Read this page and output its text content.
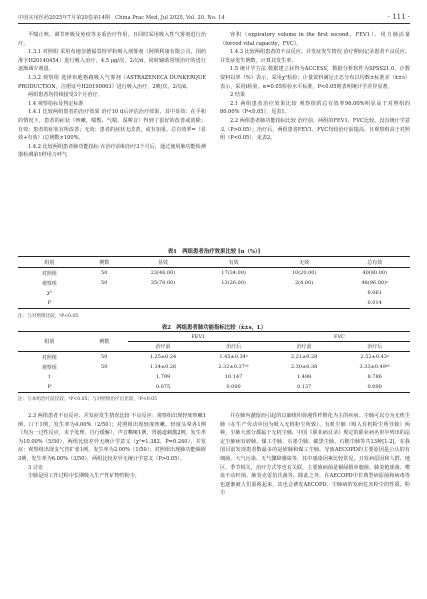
中国实用医药2025年7月第20卷第14期　China Prac Med, Jul 2025, Vol. 20, No. 14	· 111 ·

平喘止咳、调节呼吸及免疫等多重治疗作用，且同时采用吸入性气雾剂进行治疗。

1.3.1 对照组 采用布地奈德福莫特罗粉吸入剂雾剂（阿斯利康有限公司，国药准字H20140454）进行吸入治疗，4.5 μg/次，2次/d，同时辅助常规治疗的进行逐渐减少剂量。

1.3.2 观察组 选择布地格路吸入气雾剂（ASTRAZENECA DUNKERQUE PRODUCTION，注册证号H20190063）进行吸入治疗，2喷/次，2次/d。

两组患者均持续接受3个月治疗。

1.4 观察指标及判定标准

1.4.1 比较两组患者的治疗效果 治疗10 d后评估治疗效果，其中显效：在平和的情况下，患者的症状（咳嗽、喘憋、气喘、湿啰音）得到了很好的改善或消除；有效：患者的症状有所改善；无效：患者的症状无改善，或有加重。总有效率=（显效+有效）/总例数×100%。

1.4.2 比较两组患者肺功能指标 在治疗前和治疗3个月后，通过使用肺功能检测器检测第1秒用力呼气

容积（expiratory volume in the first second，FEV1）、用力肺活量（forced vital capacity，FVC）。

1.4.3 比较两组患者的不良反应、并发症发生情况 治疗期间记录患者不良反应、并发症发生例数，计算其发生率。

1.5 统计学方法 数据建立获得为ACCESS，数据分析软件为SPSS21.0。计数资料以率（%）表示，采用χ²检验；计量资料满足正态分布以均数±标准差（x̄±s）表示，采用t检验。α=0.05检验水平标准，P<0.05则表明统计学差异显著。

2 结果

2.1 两组患者治疗效果比较 观察组的总有效率96.00%明显高于对照组的80.00%（P<0.05），见表1。

2.2 两组患者肺功能指标比较 治疗前，两组的FEV1、FVC比较，没有统计学意义（P>0.05）；治疗后，两组患者FEV1、FVC均较治疗前提高，且观察组高于对照组（P<0.05），见表2。

表1　两组患者治疗效果比较 [n（%）]
组别	例数	显效	有效	无效	总有效
对照组	50	23(46.00)	17(34.00)	10(20.00)	40(80.00)
观察组	50	35(70.00)	13(26.00)	2(4.00)	48(96.00)ᵃ
χ²					6.061
P					0.014
注：与对照组比较，ᵃP<0.05
表2　两组患者肺功能指标比较（x̄±s，L）
组别	例数	FEV1		FVC	
		治疗前	治疗后	治疗前	治疗后
对照组	50	1.25±0.24	1.45±0.34ᵃ	2.21±0.28	2.52±0.43ᵃ
观察组	50	1.34±0.26	2.32±0.37ᵃᵇ	2.30±0.38	3.33±0.49ᵃᵇ
t		1.799	10.147	1.498	8.786
P		0.075	0.000	0.137	0.000
注：与本组治疗前比较，ᵃP<0.05；与对照组治疗后比较，ᵇP<0.05

2.3 两组患者不良反应、并发症发生情况比较 不良反应：观察组出现轻度咳嗽1例，口干1例，发生率为4.00%（2/50）；对照组出现轻度咳嗽、轻度头晕各1例（均为一过性反应，未予处理，自行缓解），声音嘶哑1例，胃肠道刺激2例，发生率为10.00%（5/50），两组比较差异无统计学意义（χ²=1.382，P=0.240）。并发症：观察组出现支气管扩张1例，发生率为2.00%（1/50）；对照组出现肺功能障碍3例，发生率为6.00%（3/50），两组比较差异无统计学意义（P>0.05）。

3 讨论

尘肺是因工作过程中长期吸入生产性矿物性粉尘，

并在肺内潴留而引起的以肺组织弥漫性纤维化为主的疾病。尘肺可以分为无机尘肺（在生产劳动中因为吸入无机粉尘所致）、有机尘肺（吸入有机粉尘所导致）两种，尘肺大部分都属于无机尘肺。中国《职业病目录》规定的职业病名单中列出的法定尘肺病有矽肺、煤工尘肺、石墨尘肺、碳黑尘肺、石棉尘肺等共13种[1-2]。在我国目前发现患者数最多的是矽肺和煤工尘肺。导致AECOPD的主要原因是公认的有细菌、大气污染、天气骤降感染等，其中感染因素比较常见，且发病原因和人群、地区、季节相关，治疗方式等也有关联，主要致病菌是铜绿假单胞菌、肺炎链球菌、嗜血不动杆菌、肺炎克雷伯氏菌等。除此之外，在AECOPD中非典型病原菌和病毒等也逐渐被人们重视起来，其也会诱发AECOPD。尘肺病的发病危害粉尘的性质、粉尘
